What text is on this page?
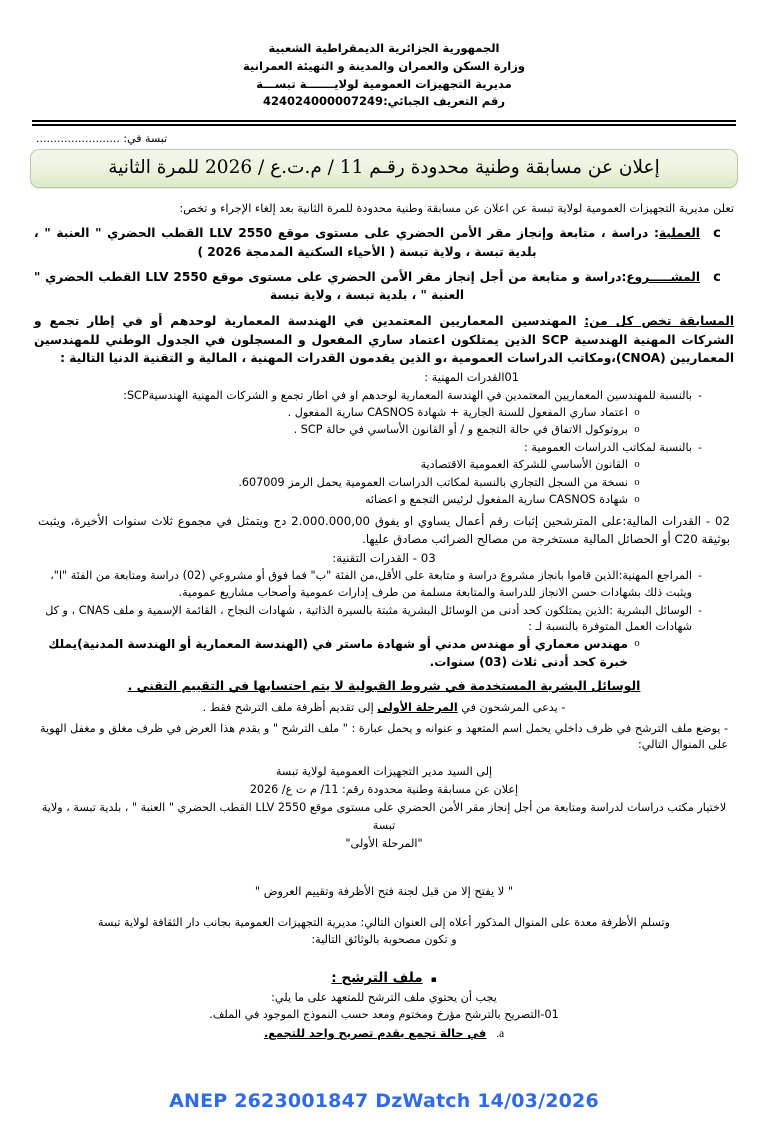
الجمهورية الجزائرية الديمقراطية الشعبية
وزارة السكن والعمران والمدينة و التهيئة العمرانية
مديرية التجهيزات العمومية لولايـــــــة تبســـة
رقم التعريف الجبائي:424024000007249
تبسة في: ........................
إعلان عن مسابقة وطنية محدودة رقـم 11 / م.ت.ع / 2026 للمرة الثانية
تعلن مديرية التجهيزات العمومية لولاية تبسة عن اعلان عن مسابقة وطنية محدودة للمرة الثانية بعد إلغاء الإجراء و تخص:
c
العملية: دراسة ، متابعة وإنجاز مقر الأمن الحضري على مستوى موقع 2550 LLV القطب الحضري " العنبة " ، بلدية تبسة ، ولاية تبسة ( الأحياء السكنية المدمجة 2026 )
c
المشـــــروع:دراسة و متابعة من أجل إنجاز مقر الأمن الحضري على مستوى موقع 2550 LLV القطب الحضري " العنبة " ، بلدية تبسة ، ولاية تبسة
المسابقة تخص كل من: المهندسين المعماريين المعتمدين في الهندسة المعمارية لوحدهم أو في إطار تجمع و الشركات المهنية الهندسية SCP الذين يمتلكون اعتماد ساري المفعول و المسجلون في الجدول الوطني للمهندسين المعماريين (CNOA)،ومكاتب الدراسات العمومية ،و الذين يقدمون القدرات المهنية ، المالية و التقنية الدنيا التالية :
01القدرات المهنية :
-
بالنسبة للمهندسين المعماريين المعتمدين في الهندسة المعمارية لوحدهم او في اطار تجمع و الشركات المهنية الهندسيةSCP:
o
اعتماد ساري المفعول للسنة الجارية + شهادة CASNOS سارية المفعول .
o
بروتوكول الاتفاق في حالة التجمع و / أو القانون الأساسي في حالة SCP .
-
بالنسبة لمكاتب الدراسات العمومية :
o
القانون الأساسي للشركة العمومية الاقتصادية
o
نسخة من السجل التجاري بالنسبة لمكاتب الدراسات العمومية يحمل الرمز 607009.
o
شهادة CASNOS سارية المفعول لرئيس التجمع و اعضائه
02 - القدرات المالية:على المترشحين إثبات رقم أعمال يساوي او يفوق 2.000.000,00 دج ويتمثل في مجموع ثلاث سنوات الأخيرة، ويثبت بوثيقة C20 أو الحصائل المالية مستخرجة من مصالح الضرائب مصادق عليها.
03 - القدرات التقنية:
-
المراجع المهنية:الذين قاموا بانجاز مشروع دراسة و متابعة على الأقل،من الفئة "ب" فما فوق أو مشروعي (02) دراسة ومتابعة من الفئة "ا"، ويثبت ذلك بشهادات حسن الانجاز للدراسة والمتابعة مسلمة من طرف إدارات عمومية وأصحاب مشاريع عمومية.
-
الوسائل البشرية :الذين يمتلكون كحد أدنى من الوسائل البشرية مثبتة بالسيرة الذاتية ، شهادات النجاح ، القائمة الإسمية و ملف CNAS ، و كل شهادات العمل المتوفرة بالنسبة لـ :
o
مهندس معماري أو مهندس مدني أو شهادة ماستر في (الهندسة المعمارية أو الهندسة المدنية)يملك خبرة كحد أدنى ثلاث (03) سنوات.
الوسائل البشرية المستخدمة في شروط القبولية لا يتم احتسابها في التقييم التقني .
- يدعى المرشحون في المرحلة الأولى إلى تقديم أظرفة ملف الترشح فقط .
- يوضع ملف الترشح في ظرف داخلي يحمل اسم المتعهد و عنوانه و يحمل عبارة : " ملف الترشح " و يقدم هذا العرض في ظرف مغلق و مغفل الهوية على المنوال التالي:
إلى السيد مدير التجهيزات العمومية لولاية تبسة
إعلان عن مسابقة وطنية محدودة رقم: 11/ م ت ع/ 2026
لاختيار مكتب دراسات لدراسة ومتابعة من أجل إنجاز مقر الأمن الحضري على مستوى موقع 2550 LLV القطب الحضري " العنبة " ، بلدية تبسة ، ولاية تبسة
"المرحلة الأولى"
" لا يفتح إلا من قبل لجنة فتح الأظرفة وتقييم العروض "
وتسلم الأظرفة معدة على المنوال المذكور أعلاه إلى العنوان التالي: مديرية التجهيزات العمومية بجانب دار الثقافة لولاية تبسة
و تكون مصحوبة بالوثائق التالية:
▪
ملف الترشح :
يجب أن يحتوي ملف الترشح للمتعهد على ما يلي:
01-التصريح بالترشح مؤرخ ومختوم ومعد حسب النموذج الموجود في الملف.
a.
في حالة تجمع يقدم تصريح واحد للتجمع.
ANEP 2623001847 DzWatch 14/03/2026
